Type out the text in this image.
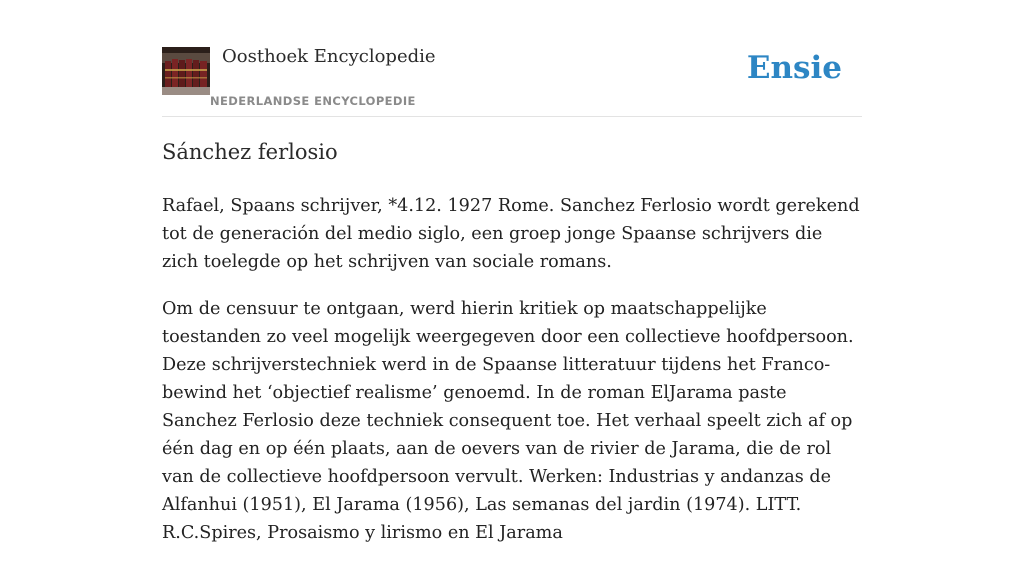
Oosthoek Encyclopedie
NEDERLANDSE ENCYCLOPEDIE
Ensie
Sánchez ferlosio

Rafael, Spaans schrijver, *4.12. 1927 Rome. Sanchez Ferlosio wordt gerekend tot de generación del medio siglo, een groep jonge Spaanse schrijvers die zich toelegde op het schrijven van sociale romans.

Om de censuur te ontgaan, werd hierin kritiek op maatschappelijke toestanden zo veel mogelijk weergegeven door een collectieve hoofdpersoon. Deze schrijverstechniek werd in de Spaanse litteratuur tijdens het Franco-bewind het ‘objectief realisme’ genoemd. In de roman ElJarama paste Sanchez Ferlosio deze techniek consequent toe. Het verhaal speelt zich af op één dag en op één plaats, aan de oevers van de rivier de Jarama, die de rol van de collectieve hoofdpersoon vervult. Werken: Industrias y andanzas de Alfanhui (1951), El Jarama (1956), Las semanas del jardin (1974). LITT. R.C.Spires, Prosaismo y lirismo en El Jarama
